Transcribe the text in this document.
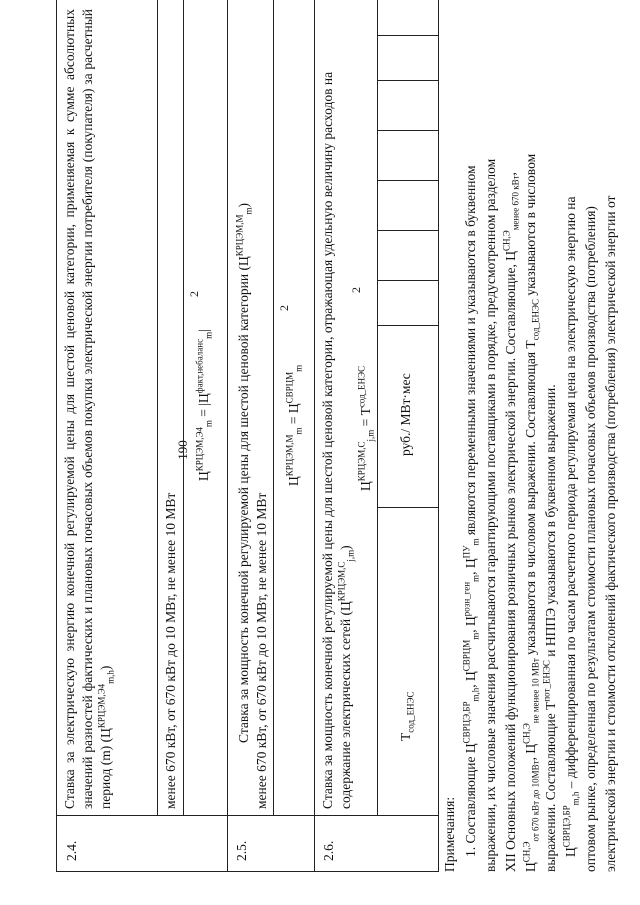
190
2.4.
Ставка за электрическую энергию конечной регулируемой цены для шестой ценовой категории, применяемая к сумме абсолютных значений разностей фактических и плановых почасовых объемов покупки электрической энергии потребителя (покупателя) за расчетный период (m) $(Ц^{КРЦЭМ,Э4}_{m,h})$	менее 670 кВт, от 670 кВт до 10 МВт, не менее 10 МВт
$Ц^{КРЦЭМ,Э4}_m = |Ц^{факт,небаланс}_m|$
2
2.5.
Ставка за мощность конечной регулируемой цены для шестой ценовой категории $(Ц^{КРЦЭМ,М}_m)$
менее 670 кВт, от 670 кВт до 10 МВт, не менее 10 МВт
$Ц^{КРЦЭМ,М}_m = Ц^{СВРЦМ}_m$
2
2.6.
Ставка за мощность конечной регулируемой цены для шестой ценовой категории, отражающая удельную величину расходов на содержание электрических сетей $(Ц^{КРЦЭМ,С}_{j,m})$
$Ц^{КРЦЭМ,С}_{j,m} = Т^{сод\_ЕНЭС}$
2
$Т_{сод\_ЕНЭС}$
руб./ МВт·мес
Примечания: 1. Составляющие $Ц^{СВРЦЭ,БР}_{m,h}$, $Ц^{СВРЦМ}_m$, $Ц^{розн\_ген}_m$, $Ц^{ПУ}_m$ являются переменными значениями и указываются в буквенном выражении, их числовые значения рассчитываются гарантирующими поставщиками в порядке, предусмотренном разделом XII Основных положений функционирования розничных рынков электрической энергии. Составляющие, $Ц^{СН,Э}_{менее 670 кВт}$,
$Ц^{СН,Э}_{от 670 кВт до 10МВт}$, $Ц^{СН,Э}_{не менее 10 МВт}$ указываются в числовом выражении. Составляющая $Т_{сод\_ЕНЭС}$ указываются в числовом
выражении. Составляющие $Т^{пот\_ЕНЭС}$ и НППЭ указываются в буквенном выражении.
$Ц^{СВРЦЭ,БР}_{m,h}$ – дифференцированная по часам расчетного периода регулируемая цена на электрическую энергию на оптовом рынке, определенная по результатам стоимости плановых почасовых объемов производства (потребления) электрической энергии и стоимости отклонений фактического производства (потребления) электрической энергии от
